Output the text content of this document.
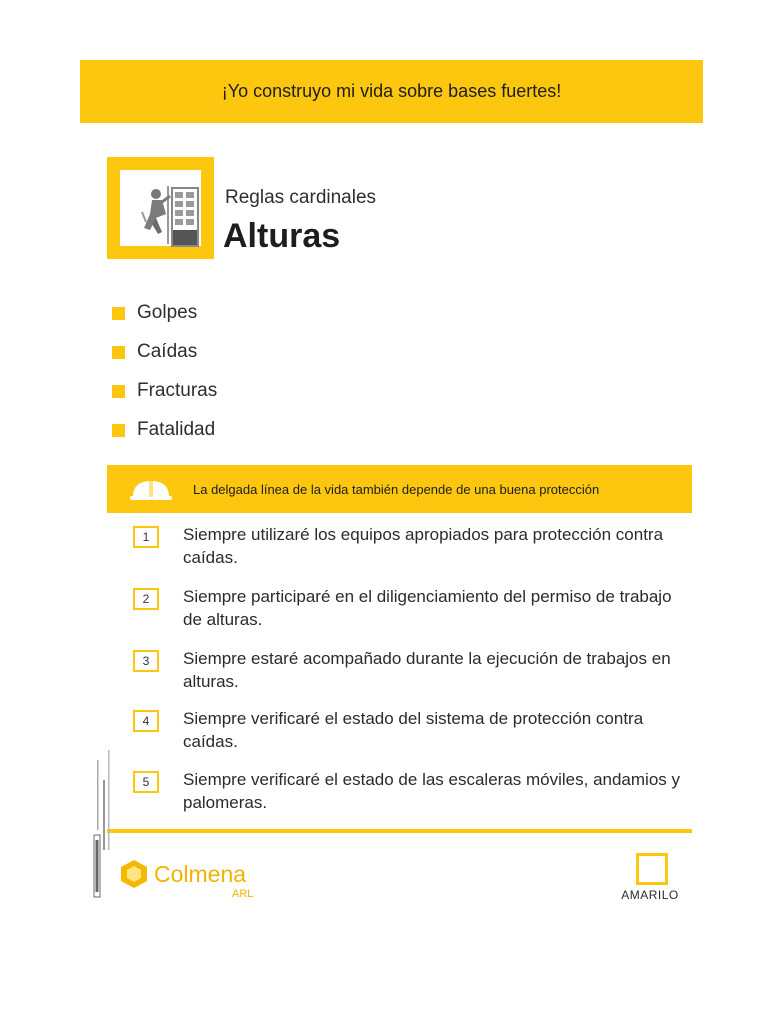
¡Yo construyo mi vida sobre bases fuertes!
Reglas cardinales
Alturas
Golpes
Caídas
Fracturas
Fatalidad
La delgada línea de la vida también depende de una buena protección
1	Siempre utilizaré los equipos apropiados para protección contra caídas.
2	Siempre participaré en el diligenciamiento del permiso de trabajo de alturas.
3	Siempre estaré acompañado durante la ejecución de trabajos en alturas.
4	Siempre verificaré el estado del sistema de protección contra caídas.
5	Siempre verificaré el estado de las escaleras móviles, andamios y palomeras.
Colmena
ARL	AMARILO
